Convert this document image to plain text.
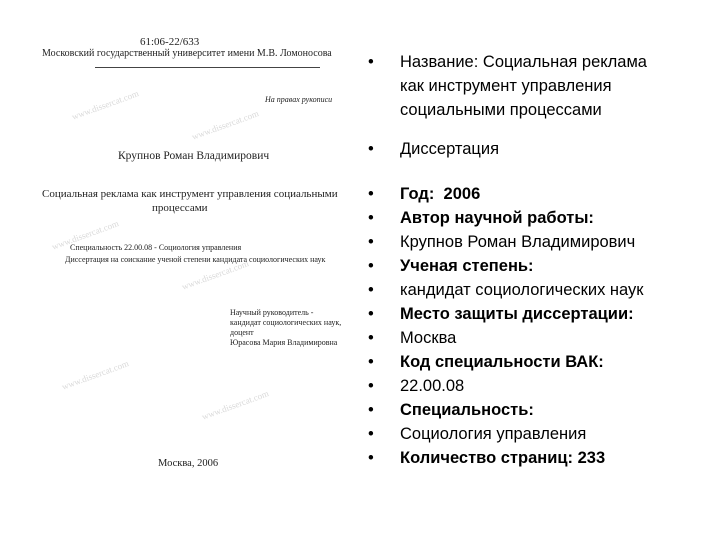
www.dissercat.com
www.dissercat.com
www.dissercat.com
www.dissercat.com
www.dissercat.com
www.dissercat.com
61:06-22/633
Московский государственный университет имени М.В. Ломоносова
На правах рукописи
Крупнов Роман Владимирович
Социальная реклама как инструмент управления социальными
процессами
Специальность 22.00.08 - Социология управления
Диссертация на соискание ученой степени кандидата социологических наук
Научный руководитель -
кандидат социологических наук,
доцент
Юрасова Мария Владимировна
Москва, 2006
•	Название: Социальная реклама
как инструмент управления
социальными процессами
•	Диссертация
•	Год: 2006
•	Автор научной работы:
•	Крупнов Роман Владимирович
•	Ученая степень:
•	кандидат социологических наук
•	Место защиты диссертации:
•	Москва
•	Код специальности ВАК:
•	22.00.08
•	Специальность:
•	Социология управления
•	Количество страниц: 233
